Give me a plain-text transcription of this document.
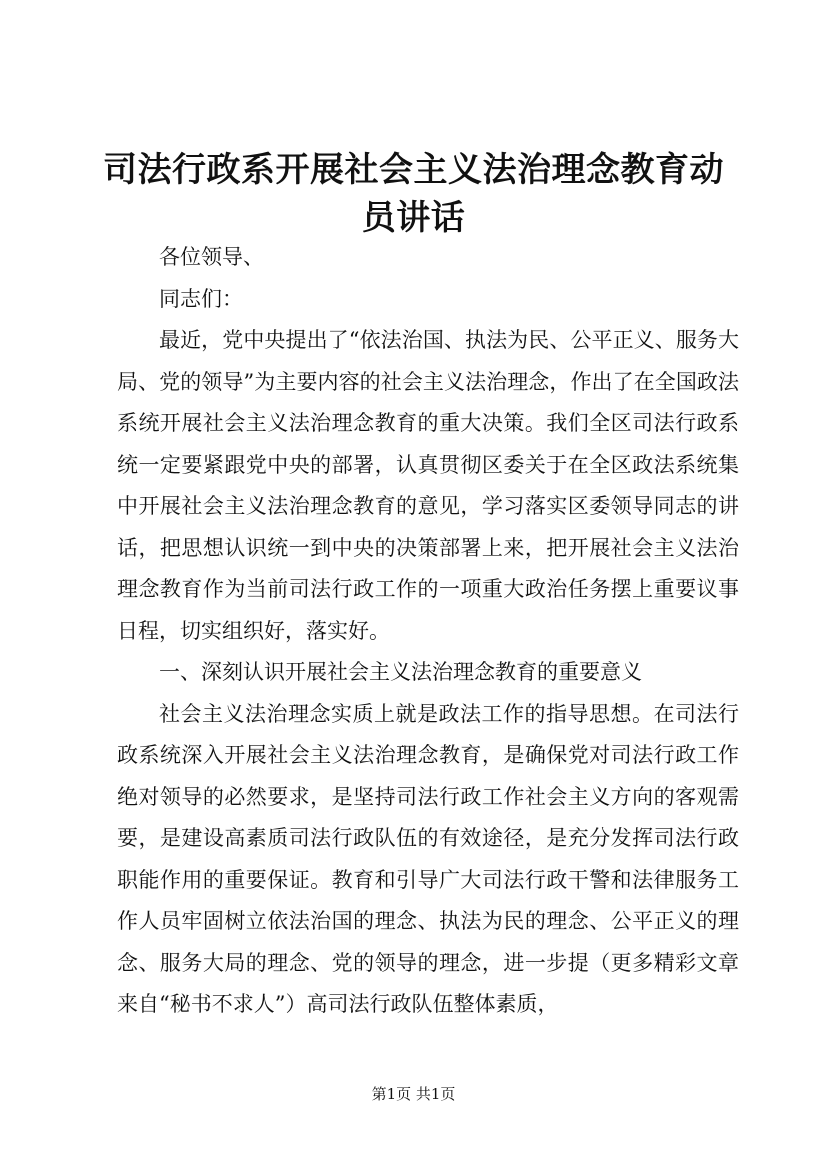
司法行政系开展社会主义法治理念教育动员讲话

各位领导、

同志们：

最近，党中央提出了“依法治国、执法为民、公平正义、服务大局、党的领导”为主要内容的社会主义法治理念，作出了在全国政法系统开展社会主义法治理念教育的重大决策。我们全区司法行政系统一定要紧跟党中央的部署，认真贯彻区委关于在全区政法系统集中开展社会主义法治理念教育的意见，学习落实区委领导同志的讲话，把思想认识统一到中央的决策部署上来，把开展社会主义法治理念教育作为当前司法行政工作的一项重大政治任务摆上重要议事日程，切实组织好，落实好。

一、深刻认识开展社会主义法治理念教育的重要意义

社会主义法治理念实质上就是政法工作的指导思想。在司法行政系统深入开展社会主义法治理念教育，是确保党对司法行政工作绝对领导的必然要求，是坚持司法行政工作社会主义方向的客观需要，是建设高素质司法行政队伍的有效途径，是充分发挥司法行政职能作用的重要保证。教育和引导广大司法行政干警和法律服务工作人员牢固树立依法治国的理念、执法为民的理念、公平正义的理念、服务大局的理念、党的领导的理念，进一步提（更多精彩文章来自“秘书不求人”）高司法行政队伍整体素质，

第1页 共1页
